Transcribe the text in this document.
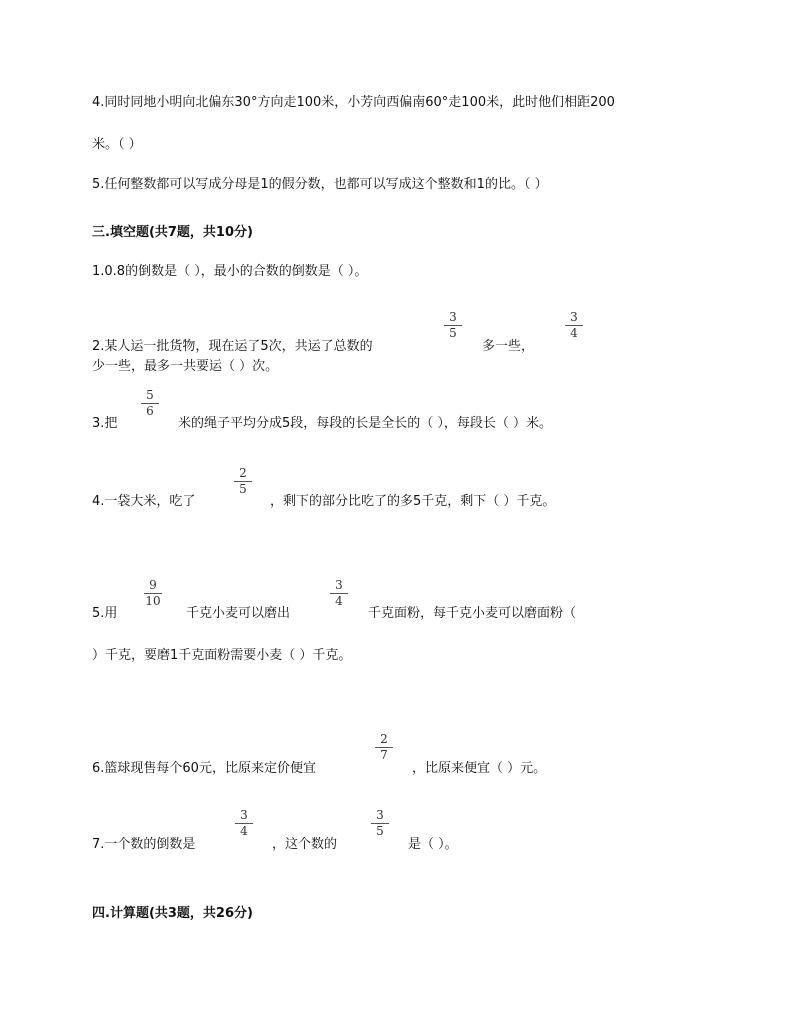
4.同时同地小明向北偏东30°方向走100米，小芳向西偏南60°走100米，此时他们相距200
米。（ ）
5.任何整数都可以写成分母是1的假分数，也都可以写成这个整数和1的比。（ ）
三.填空题(共7题，共10分)
1.0.8的倒数是（ ），最小的合数的倒数是（ ）。
2.某人运一批货物，现在运了5次，共运了总数的
3
5
多一些，
3
4
少一些，最多一共要运（ ）次。
3.把
5
6
米的绳子平均分成5段，每段的长是全长的（ ），每段长（ ）米。
4.一袋大米，吃了
2
5
，剩下的部分比吃了的多5千克，剩下（ ）千克。
5.用
9
10
千克小麦可以磨出
3
4
千克面粉，每千克小麦可以磨面粉（
）千克，要磨1千克面粉需要小麦（ ）千克。
6.篮球现售每个60元，比原来定价便宜
2
7
，比原来便宜（ ）元。
7.一个数的倒数是
3
4
，这个数的
3
5
是（ ）。
四.计算题(共3题，共26分)
